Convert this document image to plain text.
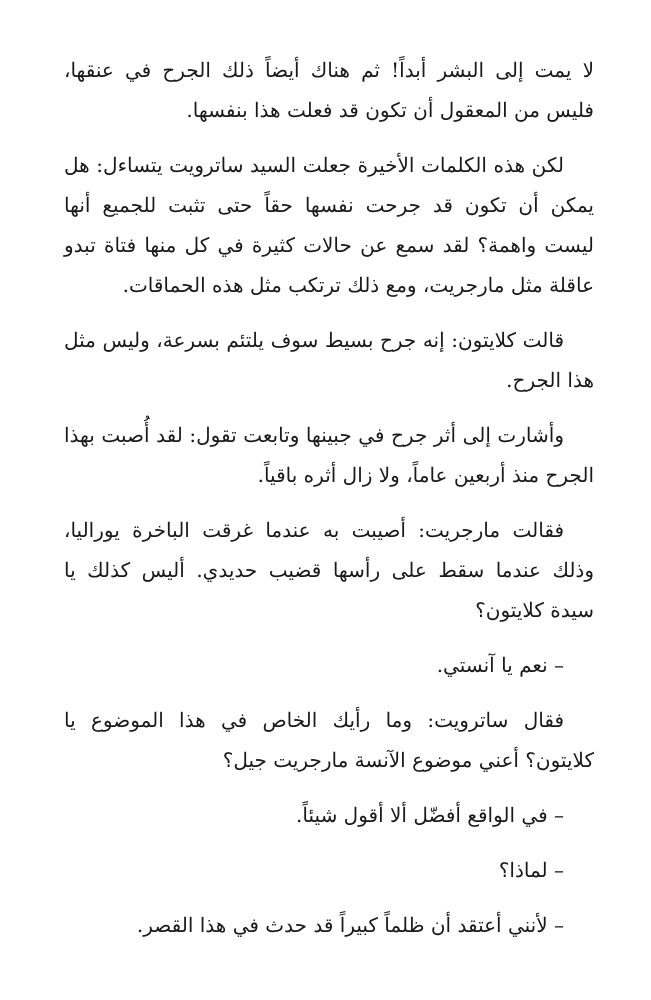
لا يمت إلى البشر أبداً! ثم هناك أيضاً ذلك الجرح في عنقها، فليس من المعقول أن تكون قد فعلت هذا بنفسها.

لكن هذه الكلمات الأخيرة جعلت السيد ساترويت يتساءل: هل يمكن أن تكون قد جرحت نفسها حقاً حتى تثبت للجميع أنها ليست واهمة؟ لقد سمع عن حالات كثيرة في كل منها فتاة تبدو عاقلة مثل مارجريت، ومع ذلك ترتكب مثل هذه الحماقات.

قالت كلايتون: إنه جرح بسيط سوف يلتئم بسرعة، وليس مثل هذا الجرح.

وأشارت إلى أثر جرح في جبينها وتابعت تقول: لقد أُصبت بهذا الجرح منذ أربعين عاماً، ولا زال أثره باقياً.

فقالت مارجريت: أصيبت به عندما غرقت الباخرة يوراليا، وذلك عندما سقط على رأسها قضيب حديدي. أليس كذلك يا سيدة كلايتون؟

– نعم يا آنستي.

فقال ساترويت: وما رأيك الخاص في هذا الموضوع يا كلايتون؟ أعني موضوع الآنسة مارجريت جيل؟

– في الواقع أفضّل ألا أقول شيئاً.

– لماذا؟

– لأنني أعتقد أن ظلماً كبيراً قد حدث في هذا القصر.
